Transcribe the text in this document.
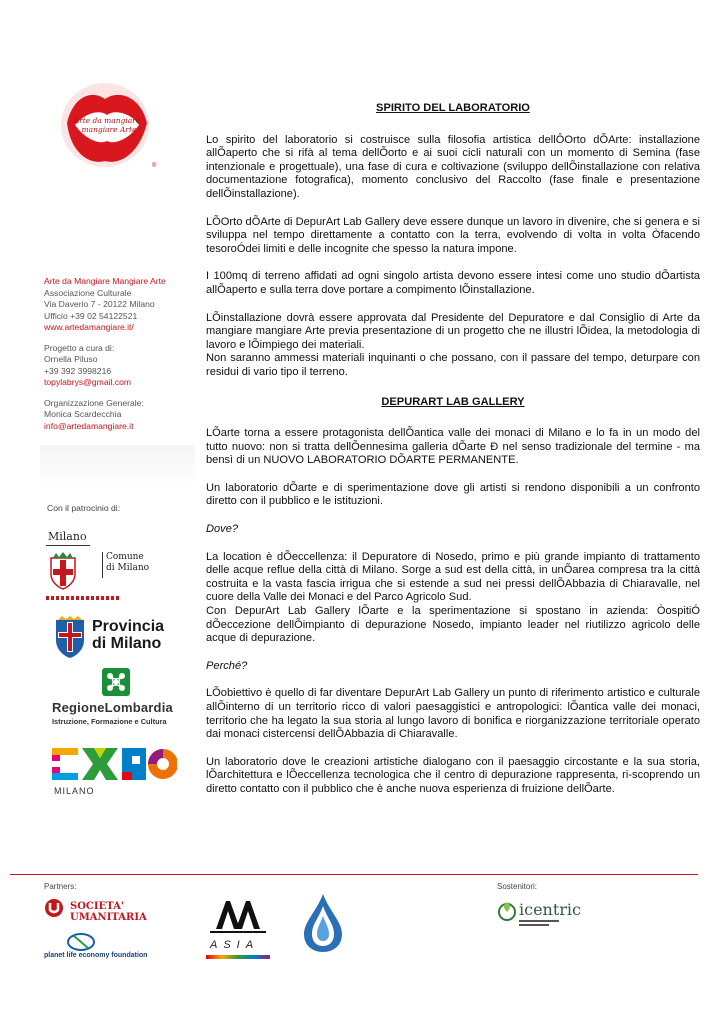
Arte da mangiare
mangiare Arte
®
Arte da Mangiare Mangiare Arte
Associazione Culturale
Via Daverio 7 - 20122 Milano
Ufficio +39 02 54122521
www.artedamangiare.it/
Progetto a cura di:
Ornella Piluso
+39 392 3998216
topylabrys@gmail.com
Organizzazione Generale:
Monica Scardecchia
info@artedamangiare.it
Con il patrocinio di:
Milano
Comune
di Milano
Provincia
di Milano
RegioneLombardia
Istruzione, Formazione e Cultura
MILANO
SPIRITO DEL LABORATORIO

Lo spirito del laboratorio si costruisce sulla filosofia artistica dellÔOrto dÕArte: installazione allÕaperto che si rifà al tema dellÕorto e ai suoi cicli naturali con un momento di Semina (fase intenzionale e progettuale), una fase di cura e coltivazione (sviluppo dellÕinstallazione con relativa documentazione fotografica), momento conclusivo del Raccolto (fase finale e presentazione dellÕinstallazione).

LÕOrto dÕArte di DepurArt Lab Gallery deve essere dunque un lavoro in divenire, che si genera e si sviluppa nel tempo direttamente a contatto con la terra, evolvendo di volta in volta Òfacendo tesoroÓdei limiti e delle incognite che spesso la natura impone.

I 100mq di terreno affidati ad ogni singolo artista devono essere intesi come uno studio dÕartista allÕaperto e sulla terra dove portare a compimento lÕinstallazione.

LÕinstallazione dovrà essere approvata dal Presidente del Depuratore e dal Consiglio di Arte da mangiare mangiare Arte previa presentazione di un progetto che ne illustri lÕidea, la metodologia di lavoro e lÕimpiego dei materiali.

Non saranno ammessi materiali inquinanti o che possano, con il passare del tempo, deturpare con residui di vario tipo il terreno.

DEPURART LAB GALLERY

LÕarte torna a essere protagonista dellÕantica valle dei monaci di Milano e lo fa in un modo del tutto nuovo: non si tratta dellÕennesima galleria dÕarte Ð nel senso tradizionale del termine - ma bensì di un NUOVO LABORATORIO DÕARTE PERMANENTE.

Un laboratorio dÕarte e di sperimentazione dove gli artisti si rendono disponibili a un confronto diretto con il pubblico e le istituzioni.

Dove?

La location è dÕeccellenza: il Depuratore di Nosedo, primo e più grande impianto di trattamento delle acque reflue della città di Milano. Sorge a sud est della città, in unÕarea compresa tra la città costruita e la vasta fascia irrigua che si estende a sud nei pressi dellÕAbbazia di Chiaravalle, nel cuore della Valle dei Monaci e del Parco Agricolo Sud.

Con DepurArt Lab Gallery lÕarte e la sperimentazione si spostano in azienda: ÒospitiÓ dÕeccezione dellÕimpianto di depurazione Nosedo, impianto leader nel riutilizzo agricolo delle acque di depurazione.

Perché?

LÕobiettivo è quello di far diventare DepurArt Lab Gallery un punto di riferimento artistico e culturale allÕinterno di un territorio ricco di valori paesaggistici e antropologici: lÕantica valle dei monaci, territorio che ha legato la sua storia al lungo lavoro di bonifica e riorganizzazione territoriale operato dai monaci cistercensi dellÕAbbazia di Chiaravalle.

Un laboratorio dove le creazioni artistiche dialogano con il paesaggio circostante e la sua storia, lÕarchitettura e lÕeccellenza tecnologica che il centro di depurazione rappresenta, ri-scoprendo un diretto contatto con il pubblico che è anche nuova esperienza di fruizione dellÕarte.

Partners:	Sostenitori:
SOCIETA' UMANITARIA
planet life economy foundation
ASIA
icentric
